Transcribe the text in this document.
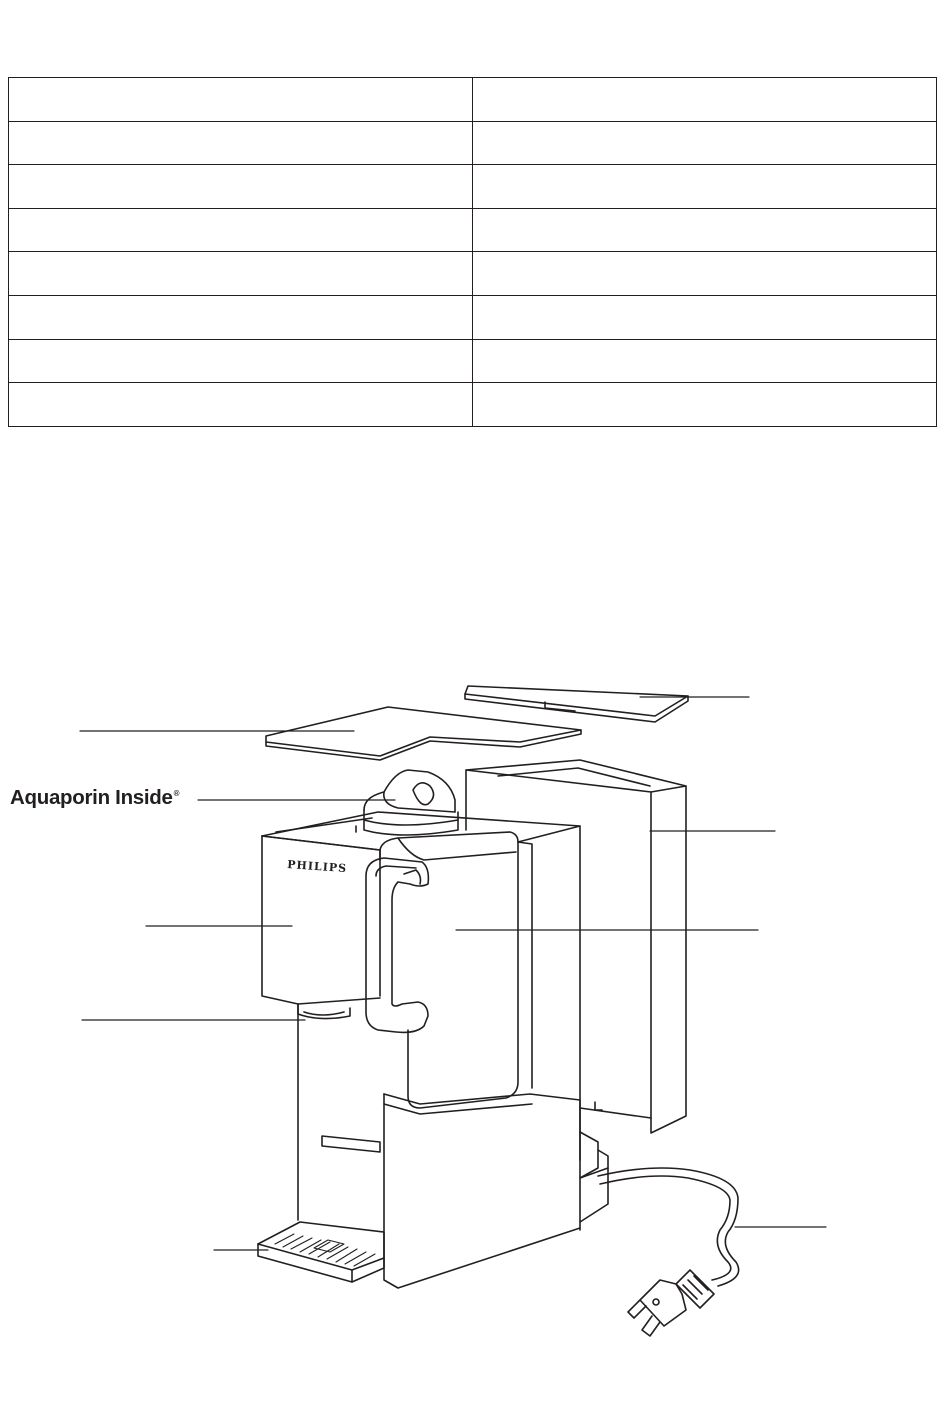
PHILIPS
Aquaporin Inside®
